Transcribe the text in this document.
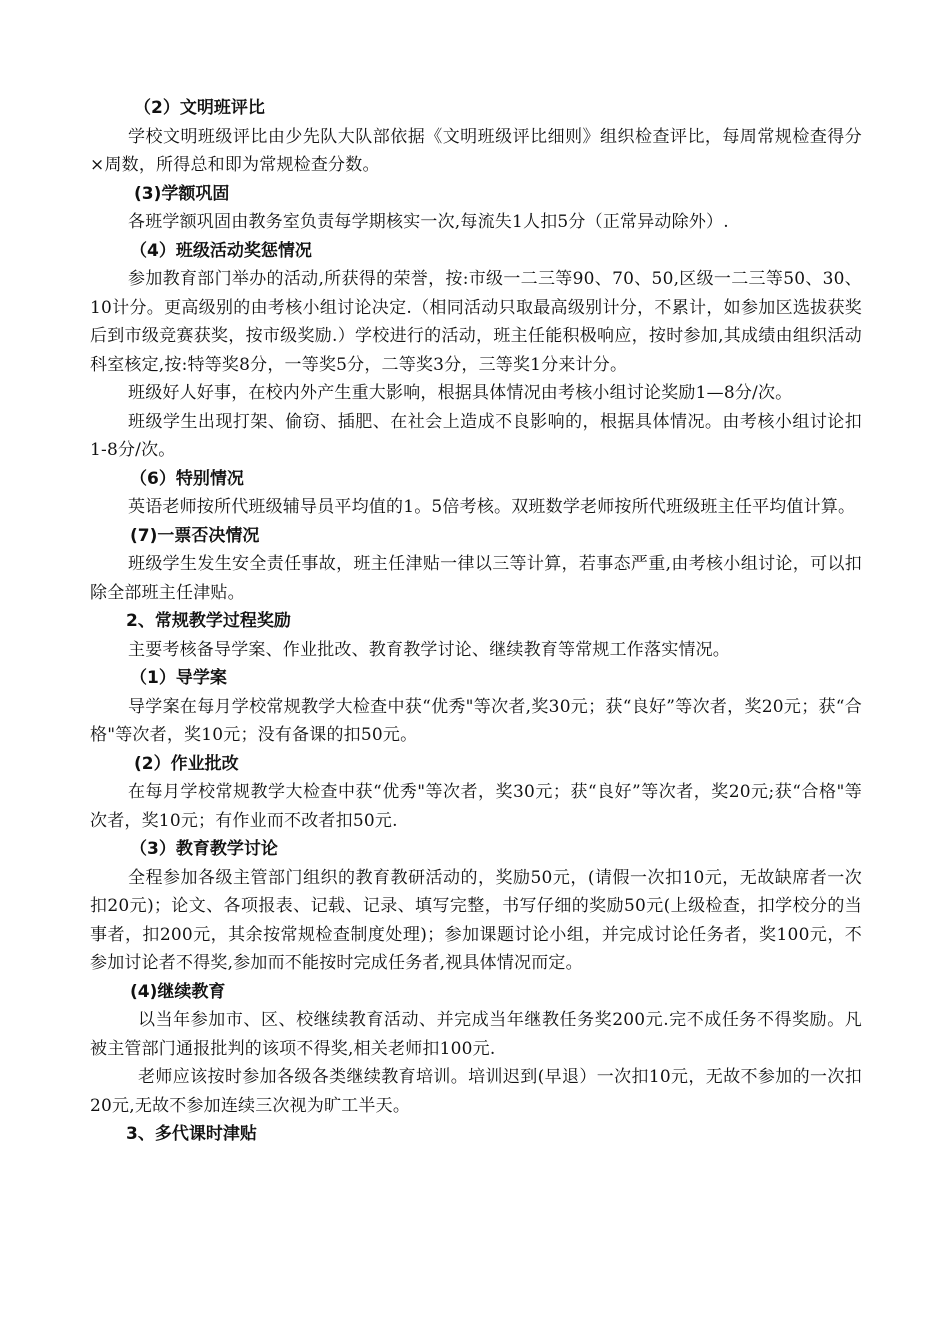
（2）文明班评比
学校文明班级评比由少先队大队部依据《文明班级评比细则》组织检查评比，每周常规检查得分×周数，所得总和即为常规检查分数。
(3)学额巩固
各班学额巩固由教务室负责每学期核实一次,每流失1人扣5分（正常异动除外）.
（4）班级活动奖惩情况
参加教育部门举办的活动,所获得的荣誉，按:市级一二三等90、70、50,区级一二三等50、30、10计分。更高级别的由考核小组讨论决定.（相同活动只取最高级别计分，不累计，如参加区选拔获奖后到市级竞赛获奖，按市级奖励.）学校进行的活动，班主任能积极响应，按时参加,其成绩由组织活动科室核定,按:特等奖8分，一等奖5分，二等奖3分，三等奖1分来计分。
班级好人好事，在校内外产生重大影响，根据具体情况由考核小组讨论奖励1—8分/次。
班级学生出现打架、偷窃、插肥、在社会上造成不良影响的，根据具体情况。由考核小组讨论扣1-8分/次。
（6）特别情况
英语老师按所代班级辅导员平均值的1。5倍考核。双班数学老师按所代班级班主任平均值计算。
(7)一票否决情况
班级学生发生安全责任事故，班主任津贴一律以三等计算，若事态严重,由考核小组讨论，可以扣除全部班主任津贴。
2、常规教学过程奖励
主要考核备导学案、作业批改、教育教学讨论、继续教育等常规工作落实情况。
（1）导学案
导学案在每月学校常规教学大检查中获“优秀"等次者,奖30元；获“良好”等次者，奖20元；获“合格"等次者，奖10元；没有备课的扣50元。
(2）作业批改
在每月学校常规教学大检查中获“优秀"等次者，奖30元；获“良好”等次者，奖20元;获“合格"等次者，奖10元；有作业而不改者扣50元.
（3）教育教学讨论
全程参加各级主管部门组织的教育教研活动的，奖励50元，(请假一次扣10元，无故缺席者一次扣20元)；论文、各项报表、记载、记录、填写完整，书写仔细的奖励50元(上级检查，扣学校分的当事者，扣200元，其余按常规检查制度处理)；参加课题讨论小组，并完成讨论任务者，奖100元，不参加讨论者不得奖,参加而不能按时完成任务者,视具体情况而定。
(4)继续教育
以当年参加市、区、校继续教育活动、并完成当年继教任务奖200元.完不成任务不得奖励。凡被主管部门通报批判的该项不得奖,相关老师扣100元.
老师应该按时参加各级各类继续教育培训。培训迟到(早退）一次扣10元，无故不参加的一次扣20元,无故不参加连续三次视为旷工半天。
3、多代课时津贴
